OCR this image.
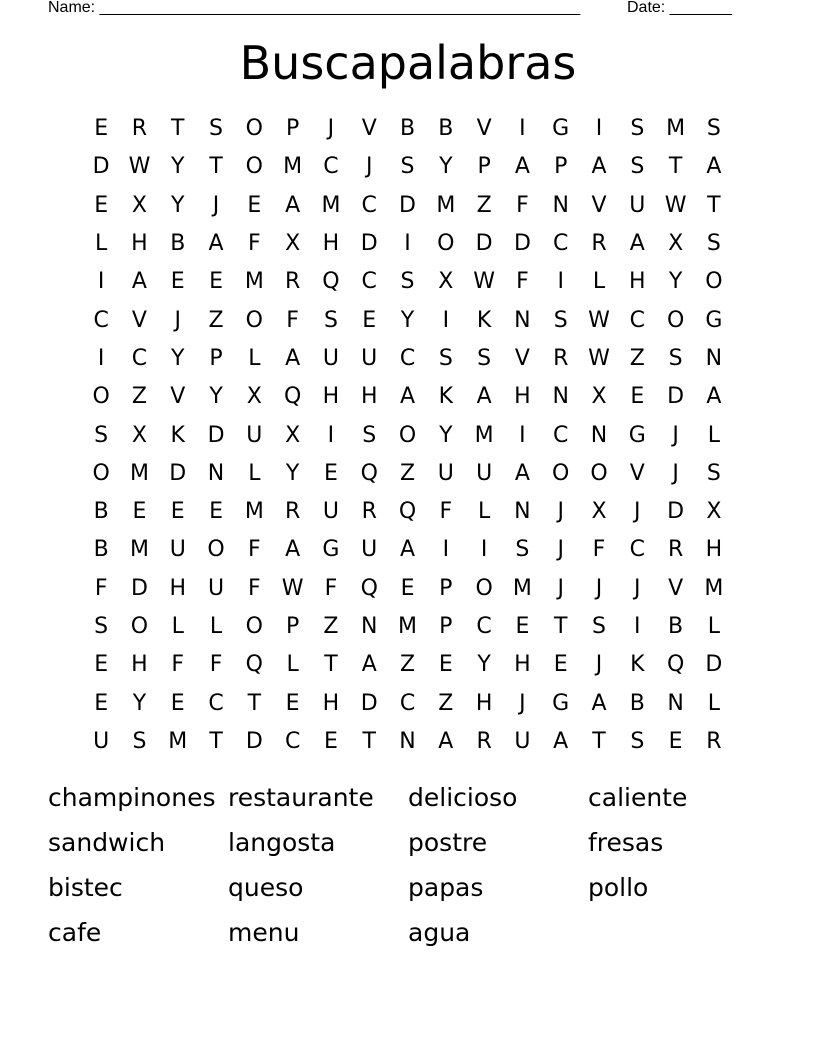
Name: ______________________________________________________	Date: _______
Buscapalabras
E	R	T	S	O	P	J	V	B	B	V	I	G	I	S M S
D W Y	T	O M C	J	S	Y	P	A	P	A	S	T	A
E	X	Y	J	E	A M C	D M Z	F	N	V	U W T
L	H	B	A	F	X	H D	I	O D D	C	R	A	X	S
I	A	E	E M R Q C	S	X W F	I	L	H	Y	O
C	V	J	Z	O	F	S	E	Y	I	K	N	S W C O G
I	C	Y	P	L	A	U	U	C	S	S	V	R W Z	S	N
O	Z	V	Y	X	Q H H	A	K	A	H N	X	E	D	A
S	X	K	D U	X	I	S	O	Y	M	I	C	N G	J	L
O M D N	L	Y	E	Q	Z	U	U	A	O O	V	J	S
B	E	E	E M R	U	R Q	F	L	N	J	X	J	D	X
B M U O	F	A	G U	A	I	I	S	J	F	C	R	H
F	D H U	F W F	Q	E	P	O M	J	J	J	V M
S	O	L	L	O	P	Z	N M	P	C	E	T	S	I	B	L
E	H	F	F	Q	L	T	A	Z	E	Y	H	E	J	K	Q D
E	Y	E	C	T	E	H D	C	Z	H	J	G	A	B	N	L
U	S M	T	D	C	E	T	N	A	R	U	A	T	S	E	R
champinones restaurante	delicioso	caliente
sandwich	langosta	postre	fresas
bistec	queso	papas	pollo
cafe	menu	agua
